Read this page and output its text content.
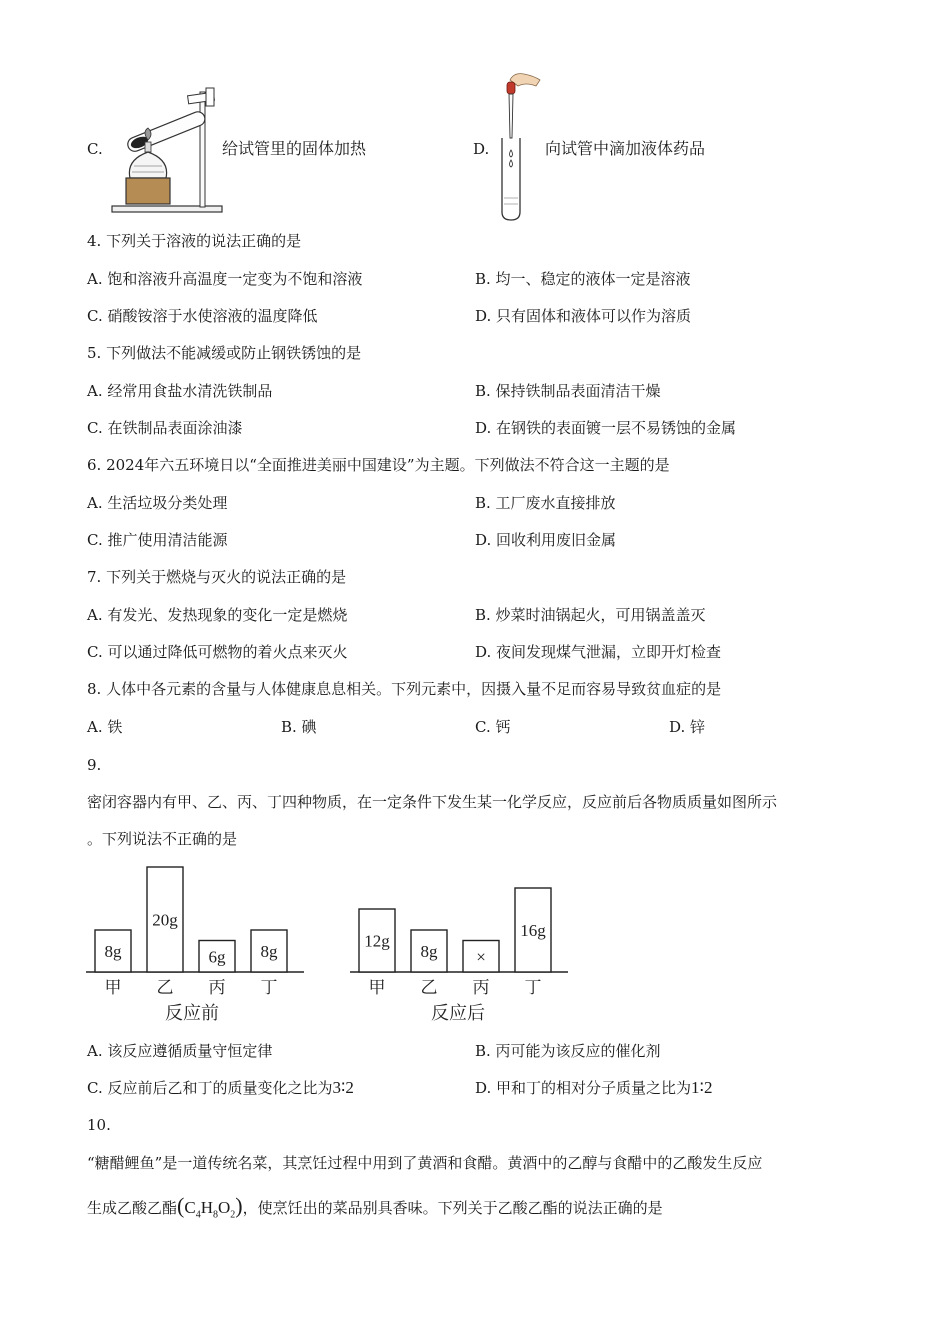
C.	给试管里的固体加热	D.	向试管中滴加液体药品
4. 下列关于溶液的说法正确的是
A. 饱和溶液升高温度一定变为不饱和溶液	B. 均一、稳定的液体一定是溶液
C. 硝酸铵溶于水使溶液的温度降低	D. 只有固体和液体可以作为溶质
5. 下列做法不能减缓或防止钢铁锈蚀的是
A. 经常用食盐水清洗铁制品	B. 保持铁制品表面清洁干燥
C. 在铁制品表面涂油漆	D. 在钢铁的表面镀一层不易锈蚀的金属
6. 2024年六五环境日以“全面推进美丽中国建设”为主题。下列做法不符合这一主题的是
A. 生活垃圾分类处理	B. 工厂废水直接排放
C. 推广使用清洁能源	D. 回收利用废旧金属
7. 下列关于燃烧与灭火的说法正确的是
A. 有发光、发热现象的变化一定是燃烧	B. 炒菜时油锅起火，可用锅盖盖灭
C. 可以通过降低可燃物的着火点来灭火	D. 夜间发现煤气泄漏，立即开灯检查
8. 人体中各元素的含量与人体健康息息相关。下列元素中，因摄入量不足而容易导致贫血症的是
A. 铁	B. 碘	C. 钙	D. 锌
9.
密闭容器内有甲、乙、丙、丁四种物质，在一定条件下发生某一化学反应，反应前后各物质质量如图所示
。下列说法不正确的是
8g
甲
20g
乙
6g
丙
8g
丁
反应前
12g
甲
8g
乙
×
丙
16g
丁
反应后
A. 该反应遵循质量守恒定律	B. 丙可能为该反应的催化剂
C. 反应前后乙和丁的质量变化之比为3∶2	D. 甲和丁的相对分子质量之比为1∶2
10.
“糖醋鲤鱼”是一道传统名菜，其烹饪过程中用到了黄酒和食醋。黄酒中的乙醇与食醋中的乙酸发生反应
生成乙酸乙酯$(C_4H_8O_2)$，使烹饪出的菜品别具香味。下列关于乙酸乙酯的说法正确的是
